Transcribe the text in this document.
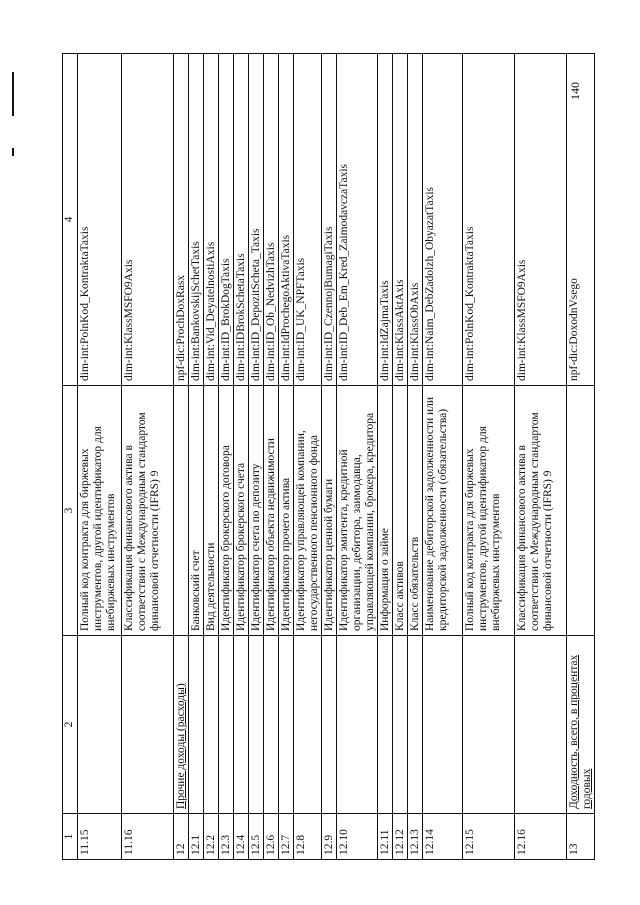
140
1	2	3	4
11.15		Полный код контракта для биржевых инструментов, другой идентификатор для внебиржевых инструментов	dim-int:PolnKod_KontraktaTaxis
11.16		Классификация финансового актива в соответствии с Международным стандартом финансовой отчетности (IFRS) 9	dim-int:KlassMSFO9Axis
12	Прочие доходы (расходы)		npf-dic:ProchDoxRasx
12.1		Банковский счет	dim-int:BankovskijSchetTaxis
12.2		Вид деятельности	dim-int:Vid_DeyatelnostiAxis
12.3		Идентификатор брокерского договора	dim-int:ID_BrokDogTaxis
12.4		Идентификатор брокерского счета	dim-int:IDBrokSchetaTaxis
12.5		Идентификатор счета по депозиту	dim-int:ID_DepozitScheta_Taxis
12.6		Идентификатор объекта недвижимости	dim-int:ID_Ob_NedvizhTaxis
12.7		Идентификатор прочего актива	dim-int:IdProchegoAktivaTaxis
12.8		Идентификатор управляющей компании, негосударственного пенсионного фонда	dim-int:ID_UK_NPFTaxis
12.9		Идентификатор ценной бумаги	dim-int:ID_CzennojBumagiTaxis
12.10		Идентификатор эмитента, кредитной организации, дебитора, заимодавца, управляющей компании, брокера, кредитора	dim-int:ID_Deb_Em_Kred_ZaimodavczaTaxis
12.11		Информация о займе	dim-int:IdZajmaTaxis
12.12		Класс активов	dim-int:KlassAktAxis
12.13		Класс обязательств	dim-int:KlassObAxis
12.14		Наименование дебиторской задолженности или кредиторской задолженности (обязательства)	dim-int:Naim_DebZadolzh_ObyazatTaxis
12.15		Полный код контракта для биржевых инструментов, другой идентификатор для внебиржевых инструментов	dim-int:PolnKod_KontraktaTaxis
12.16		Классификация финансового актива в соответствии с Международным стандартом финансовой отчетности (IFRS) 9	dim-int:KlassMSFO9Axis
13	Доходность, всего, в процентах годовых		npf-dic:DoxodnVsego
